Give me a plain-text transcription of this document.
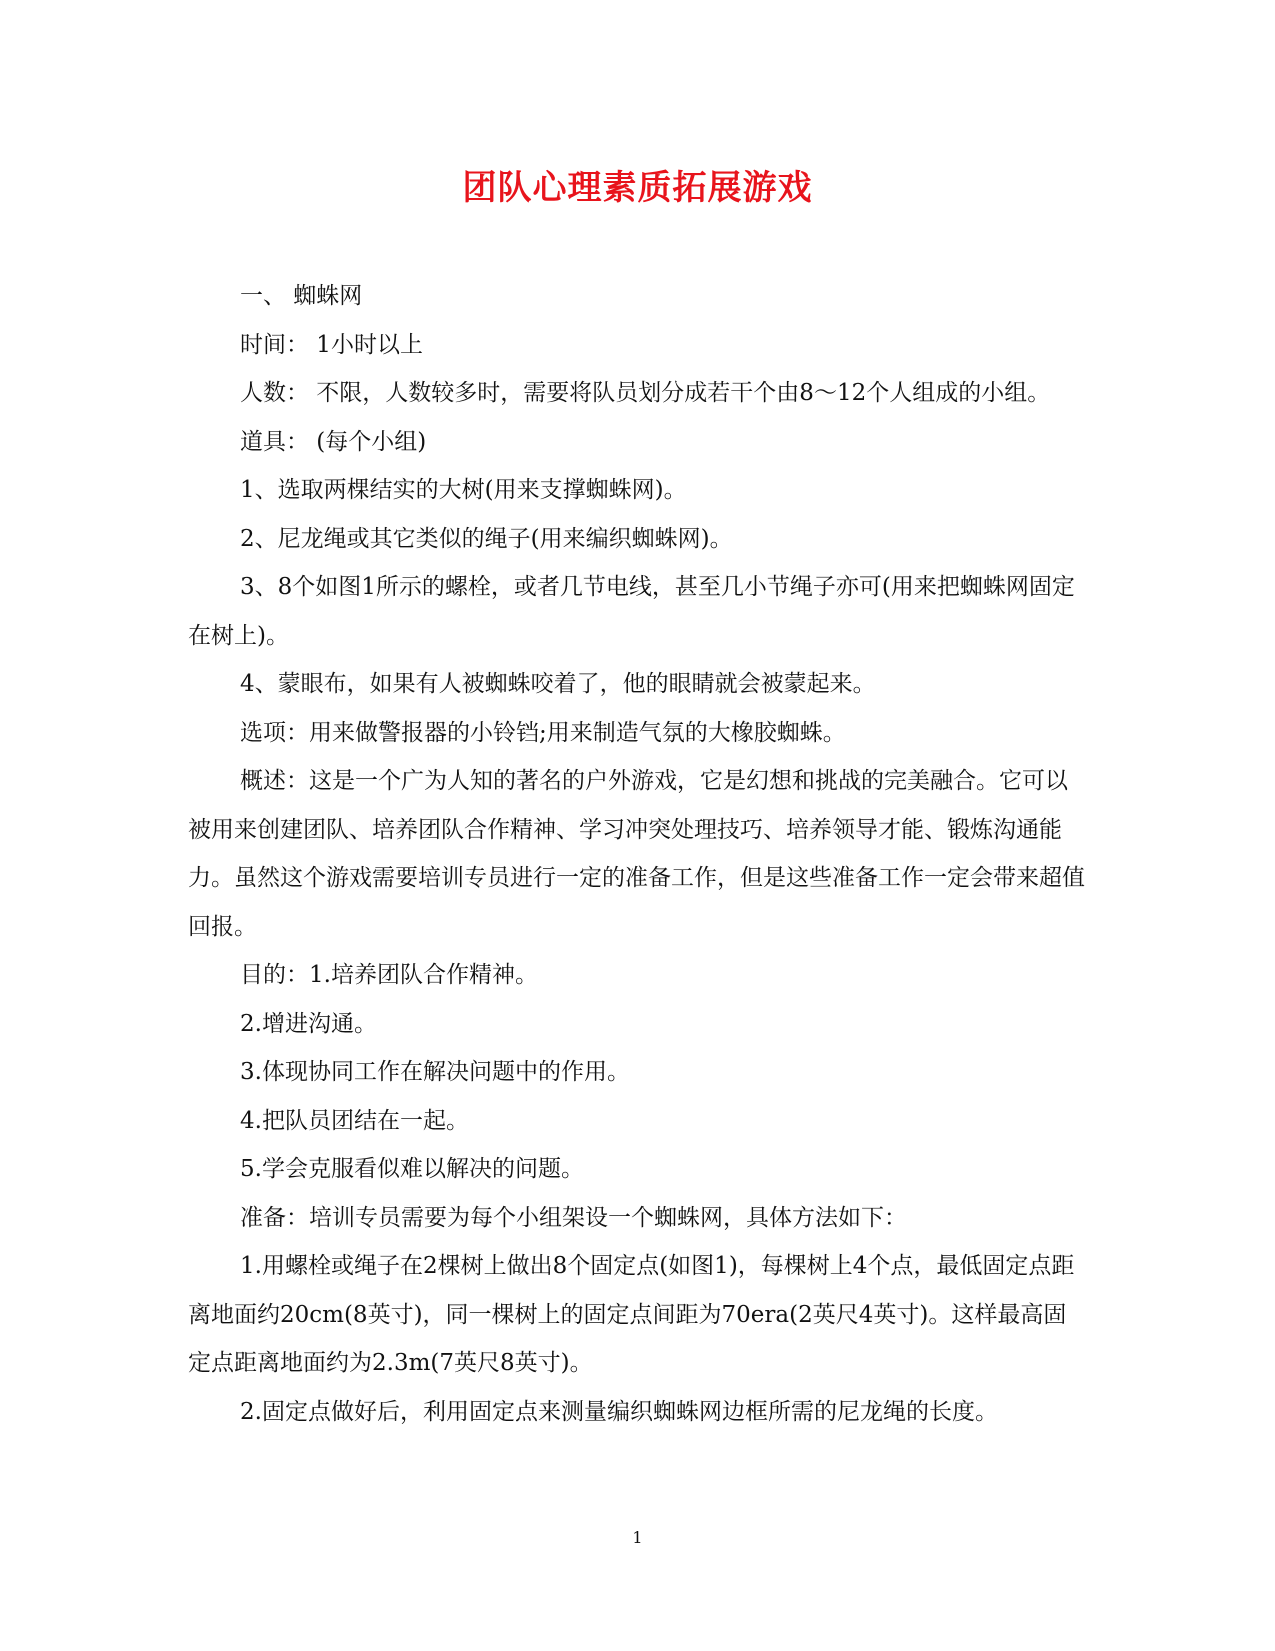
团队心理素质拓展游戏

一、 蜘蛛网

时间： 1小时以上

人数： 不限，人数较多时，需要将队员划分成若干个由8～12个人组成的小组。

道具： (每个小组)

1、选取两棵结实的大树(用来支撑蜘蛛网)。

2、尼龙绳或其它类似的绳子(用来编织蜘蛛网)。

3、8个如图1所示的螺栓，或者几节电线，甚至几小节绳子亦可(用来把蜘蛛网固定在树上)。

4、蒙眼布，如果有人被蜘蛛咬着了，他的眼睛就会被蒙起来。

选项：用来做警报器的小铃铛;用来制造气氛的大橡胶蜘蛛。

概述：这是一个广为人知的著名的户外游戏，它是幻想和挑战的完美融合。它可以被用来创建团队、培养团队合作精神、学习冲突处理技巧、培养领导才能、锻炼沟通能力。虽然这个游戏需要培训专员进行一定的准备工作，但是这些准备工作一定会带来超值回报。

目的：1.培养团队合作精神。

2.增进沟通。

3.体现协同工作在解决问题中的作用。

4.把队员团结在一起。

5.学会克服看似难以解决的问题。

准备：培训专员需要为每个小组架设一个蜘蛛网，具体方法如下：

1.用螺栓或绳子在2棵树上做出8个固定点(如图1)，每棵树上4个点，最低固定点距离地面约20cm(8英寸)，同一棵树上的固定点间距为70era(2英尺4英寸)。这样最高固定点距离地面约为2.3m(7英尺8英寸)。

2.固定点做好后，利用固定点来测量编织蜘蛛网边框所需的尼龙绳的长度。

1
